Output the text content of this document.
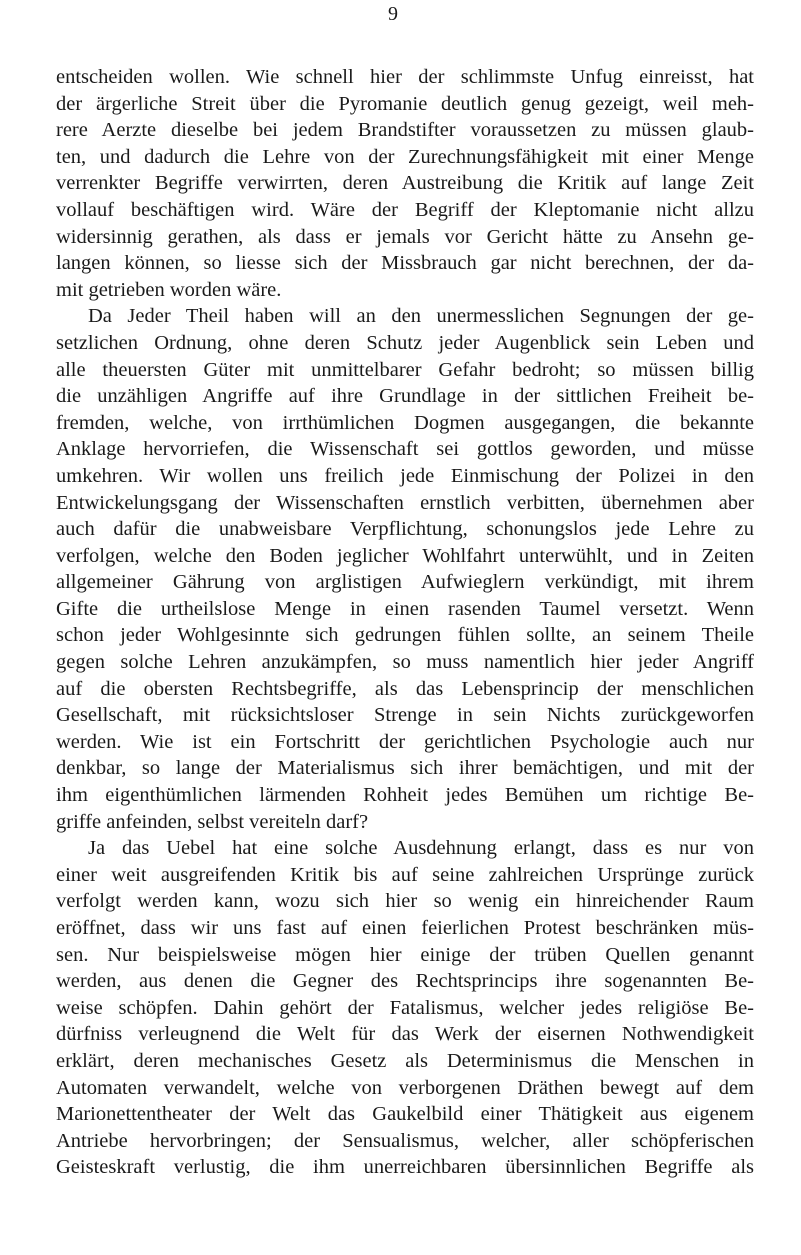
9
entscheiden wollen. Wie schnell hier der schlimmste Unfug einreisst, hat
der ärgerliche Streit über die Pyromanie deutlich genug gezeigt, weil meh-
rere Aerzte dieselbe bei jedem Brandstifter voraussetzen zu müssen glaub-
ten, und dadurch die Lehre von der Zurechnungsfähigkeit mit einer Menge
verrenkter Begriffe verwirrten, deren Austreibung die Kritik auf lange Zeit
vollauf beschäftigen wird. Wäre der Begriff der Kleptomanie nicht allzu
widersinnig gerathen, als dass er jemals vor Gericht hätte zu Ansehn ge-
langen können, so liesse sich der Missbrauch gar nicht berechnen, der da-
mit getrieben worden wäre.
Da Jeder Theil haben will an den unermesslichen Segnungen der ge-
setzlichen Ordnung, ohne deren Schutz jeder Augenblick sein Leben und
alle theuersten Güter mit unmittelbarer Gefahr bedroht; so müssen billig
die unzähligen Angriffe auf ihre Grundlage in der sittlichen Freiheit be-
fremden, welche, von irrthümlichen Dogmen ausgegangen, die bekannte
Anklage hervorriefen, die Wissenschaft sei gottlos geworden, und müsse
umkehren. Wir wollen uns freilich jede Einmischung der Polizei in den
Entwickelungsgang der Wissenschaften ernstlich verbitten, übernehmen aber
auch dafür die unabweisbare Verpflichtung, schonungslos jede Lehre zu
verfolgen, welche den Boden jeglicher Wohlfahrt unterwühlt, und in Zeiten
allgemeiner Gährung von arglistigen Aufwieglern verkündigt, mit ihrem
Gifte die urtheilslose Menge in einen rasenden Taumel versetzt. Wenn
schon jeder Wohlgesinnte sich gedrungen fühlen sollte, an seinem Theile
gegen solche Lehren anzukämpfen, so muss namentlich hier jeder Angriff
auf die obersten Rechtsbegriffe, als das Lebensprincip der menschlichen
Gesellschaft, mit rücksichtsloser Strenge in sein Nichts zurückgeworfen
werden. Wie ist ein Fortschritt der gerichtlichen Psychologie auch nur
denkbar, so lange der Materialismus sich ihrer bemächtigen, und mit der
ihm eigenthümlichen lärmenden Rohheit jedes Bemühen um richtige Be-
griffe anfeinden, selbst vereiteln darf?
Ja das Uebel hat eine solche Ausdehnung erlangt, dass es nur von
einer weit ausgreifenden Kritik bis auf seine zahlreichen Ursprünge zurück
verfolgt werden kann, wozu sich hier so wenig ein hinreichender Raum
eröffnet, dass wir uns fast auf einen feierlichen Protest beschränken müs-
sen. Nur beispielsweise mögen hier einige der trüben Quellen genannt
werden, aus denen die Gegner des Rechtsprincips ihre sogenannten Be-
weise schöpfen. Dahin gehört der Fatalismus, welcher jedes religiöse Be-
dürfniss verleugnend die Welt für das Werk der eisernen Nothwendigkeit
erklärt, deren mechanisches Gesetz als Determinismus die Menschen in
Automaten verwandelt, welche von verborgenen Dräthen bewegt auf dem
Marionettentheater der Welt das Gaukelbild einer Thätigkeit aus eigenem
Antriebe hervorbringen; der Sensualismus, welcher, aller schöpferischen
Geisteskraft verlustig, die ihm unerreichbaren übersinnlichen Begriffe als
